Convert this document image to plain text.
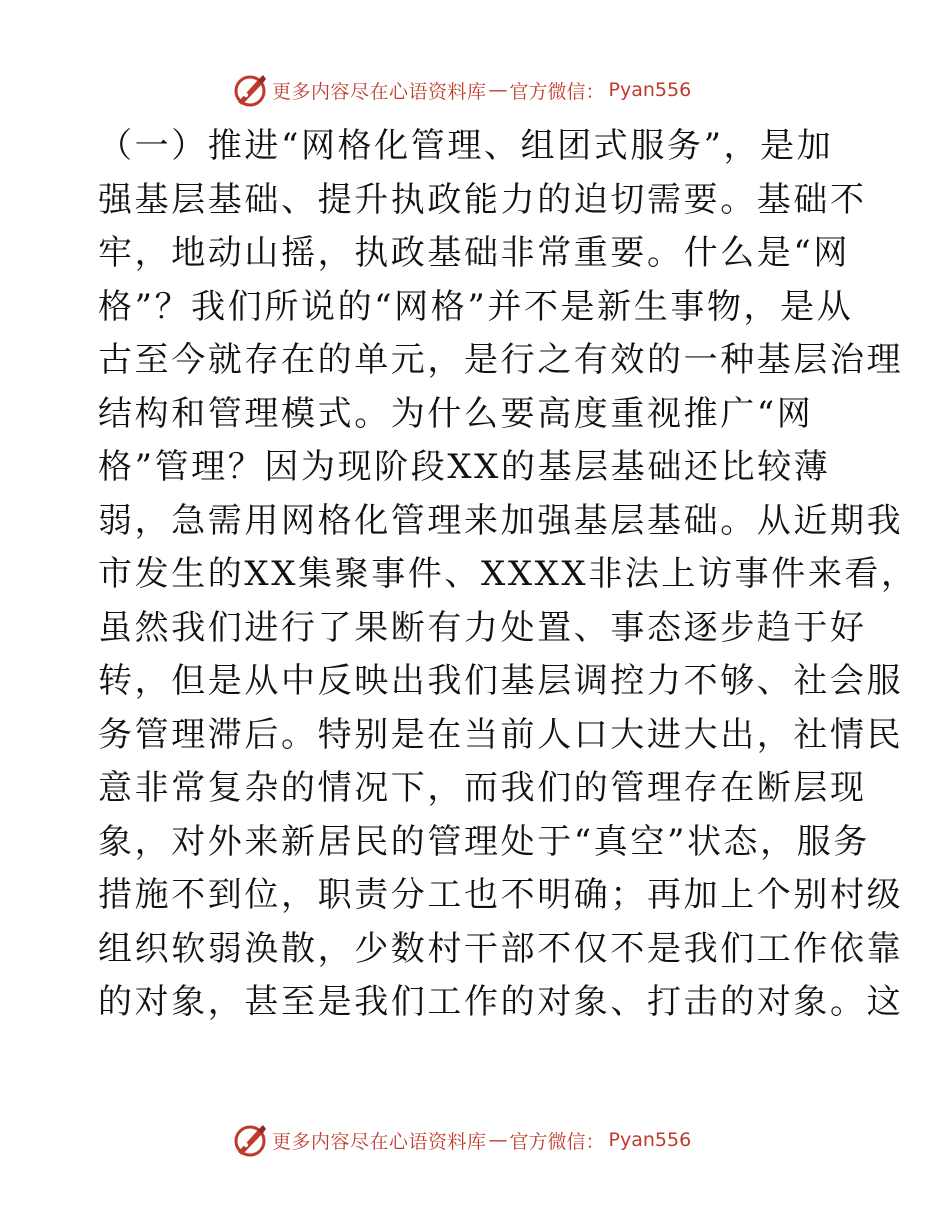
更多内容尽在心语资料库 — 官方微信： Pyan556
（一）推进“网格化管理、组团式服务”，是加
强基层基础、提升执政能力的迫切需要。基础不
牢，地动山摇，执政基础非常重要。什么是“网
格”？我们所说的“网格”并不是新生事物，是从
古至今就存在的单元，是行之有效的一种基层治理
结构和管理模式。为什么要高度重视推广“网
格”管理？因为现阶段XX的基层基础还比较薄
弱，急需用网格化管理来加强基层基础。从近期我
市发生的XX集聚事件、XXXX非法上访事件来看，
虽然我们进行了果断有力处置、事态逐步趋于好
转，但是从中反映出我们基层调控力不够、社会服
务管理滞后。特别是在当前人口大进大出，社情民
意非常复杂的情况下，而我们的管理存在断层现
象，对外来新居民的管理处于“真空”状态，服务
措施不到位，职责分工也不明确；再加上个别村级
组织软弱涣散，少数村干部不仅不是我们工作依靠
的对象，甚至是我们工作的对象、打击的对象。这
更多内容尽在心语资料库 — 官方微信： Pyan556
